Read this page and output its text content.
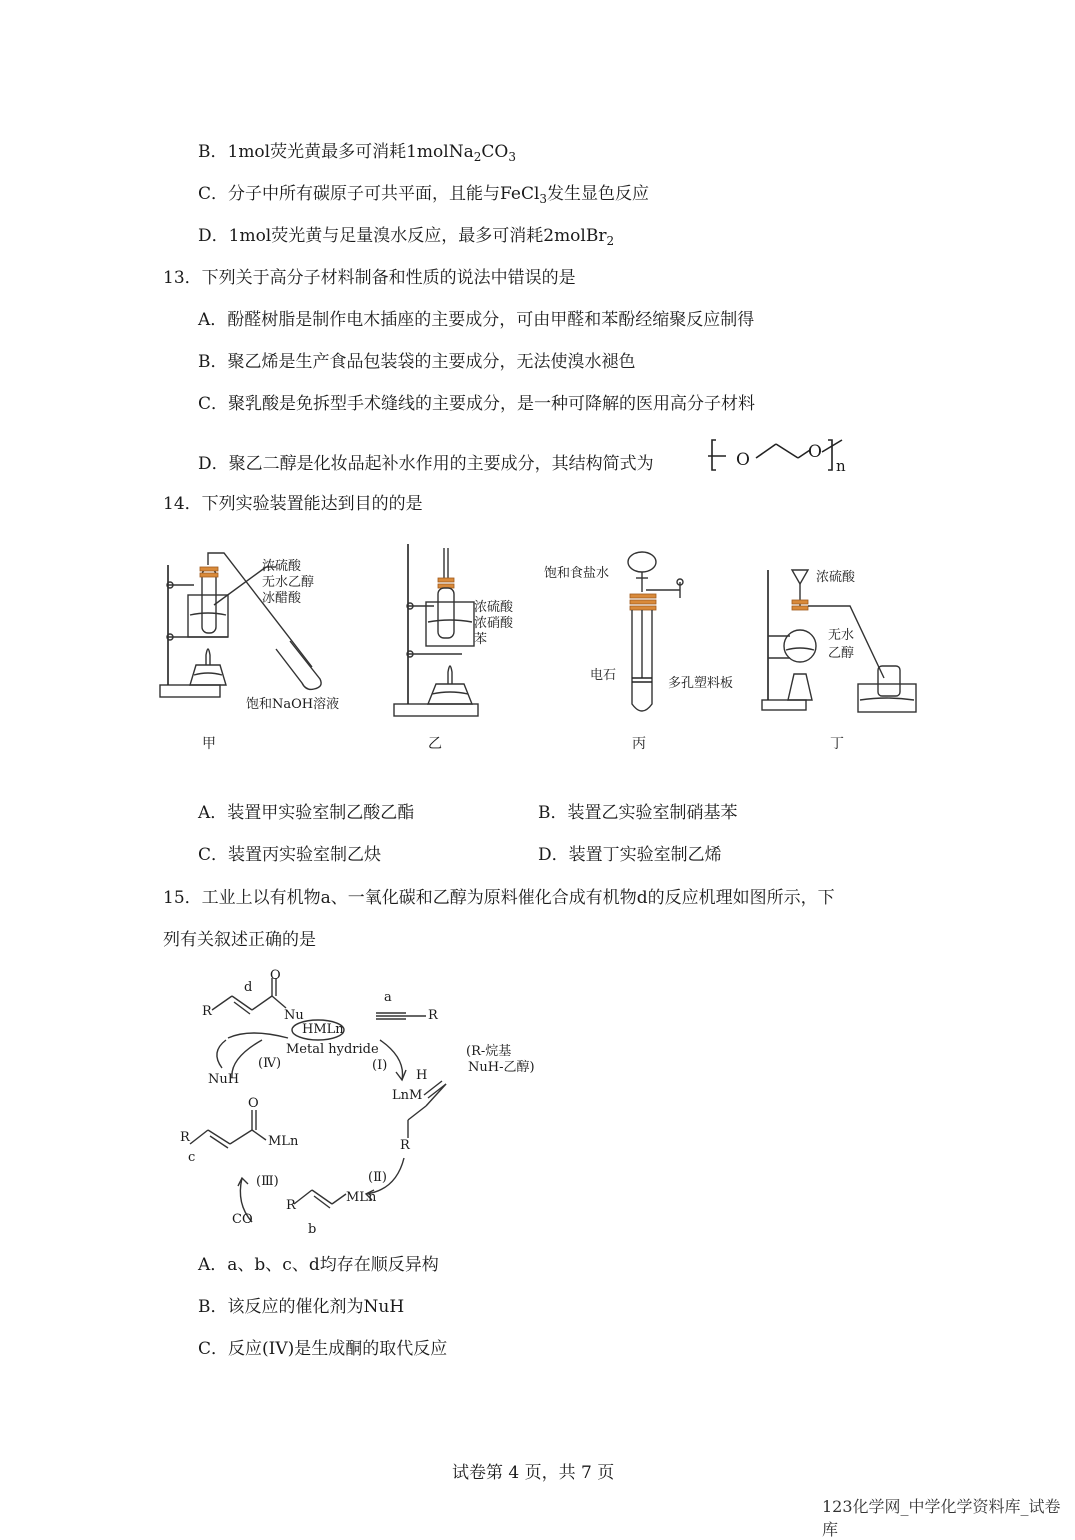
B．1mol荧光黄最多可消耗$1molNa_2CO_3$
C．分子中所有碳原子可共平面，且能与FeCl$_3$发生显色反应
D．1mol荧光黄与足量溴水反应，最多可消耗2molBr$_2$
13．下列关于高分子材料制备和性质的说法中错误的是
A．酚醛树脂是制作电木插座的主要成分，可由甲醛和苯酚经缩聚反应制得
B．聚乙烯是生产食品包装袋的主要成分，无法使溴水褪色
C．聚乳酸是免拆型手术缝线的主要成分，是一种可降解的医用高分子材料
D．聚乙二醇是化妆品起补水作用的主要成分，其结构简式为	O	O
n
14．下列实验装置能达到目的的是
浓硫酸
无水乙醇
冰醋酸
饱和NaOH溶液
浓硫酸
浓硝酸
苯
饱和食盐水
电石
多孔塑料板
浓硫酸
无水
乙醇
甲	乙	丙	丁
A．装置甲实验室制乙酸乙酯	B．装置乙实验室制硝基苯
C．装置丙实验室制乙炔	D．装置丁实验室制乙烯
15．工业上以有机物a、一氧化碳和乙醇为原料催化合成有机物d的反应机理如图所示，下
列有关叙述正确的是
d
O
R	Nu
a
R
HMLn
Metal hydride	(R-烷基
NuH-乙醇)
(Ⅳ)	(Ⅰ)
NuH	H
LnM
O
R
c
MLn	R
(Ⅲ)	(Ⅱ)
CO
R
MLn
b
A．a、b、c、d均存在顺反异构
B．该反应的催化剂为NuH
C．反应(IV)是生成酮的取代反应
试卷第 4 页，共 7 页
123化学网_中学化学资料库_试卷库
